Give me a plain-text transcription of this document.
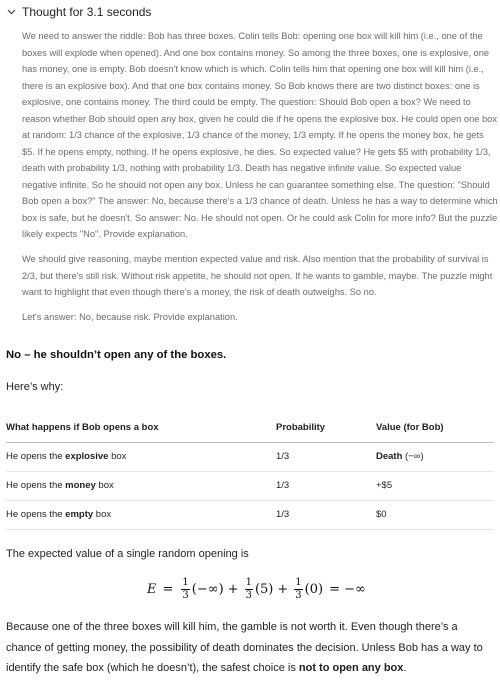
Thought for 3.1 seconds

We need to answer the riddle: Bob has three boxes. Colin tells Bob: opening one box will kill him (i.e., one of the boxes will explode when opened). And one box contains money. So among the three boxes, one is explosive, one has money, one is empty. Bob doesn't know which is which. Colin tells him that opening one box will kill him (i.e., there is an explosive box). And that one box contains money. So Bob knows there are two distinct boxes: one is explosive, one contains money. The third could be empty. The question: Should Bob open a box? We need to reason whether Bob should open any box, given he could die if he opens the explosive box. He could open one box at random: 1/3 chance of the explosive, 1/3 chance of the money, 1/3 empty. If he opens the money box, he gets $5. If he opens empty, nothing. If he opens explosive, he dies. So expected value? He gets $5 with probability 1/3, death with probability 1/3, nothing with probability 1/3. Death has negative infinite value. So expected value negative infinite. So he should not open any box. Unless he can guarantee something else. The question: "Should Bob open a box?" The answer: No, because there's a 1/3 chance of death. Unless he has a way to determine which box is safe, but he doesn't. So answer: No. He should not open. Or he could ask Colin for more info? But the puzzle likely expects "No". Provide explanation.

We should give reasoning, maybe mention expected value and risk. Also mention that the probability of survival is 2/3, but there's still risk. Without risk appetite, he should not open. If he wants to gamble, maybe. The puzzle might want to highlight that even though there's a money, the risk of death outweighs. So no.

Let's answer: No, because risk. Provide explanation.

No – he shouldn’t open any of the boxes.
Here’s why:
What happens if Bob opens a box	Probability	Value (for Bob)
He opens the explosive box	1/3	Death (−∞)
He opens the money box	1/3	+$5
He opens the empty box	1/3	$0
The expected value of a single random opening is
$E = \frac{1}{3}$ (−∞) + $\frac{1}{3} (5) + \frac{1}{3} (0)$ = −∞
Because one of the three boxes will kill him, the gamble is not worth it. Even though there’s a chance of getting money, the possibility of death dominates the decision. Unless Bob has a way to identify the safe box (which he doesn’t), the safest choice is not to open any box.
